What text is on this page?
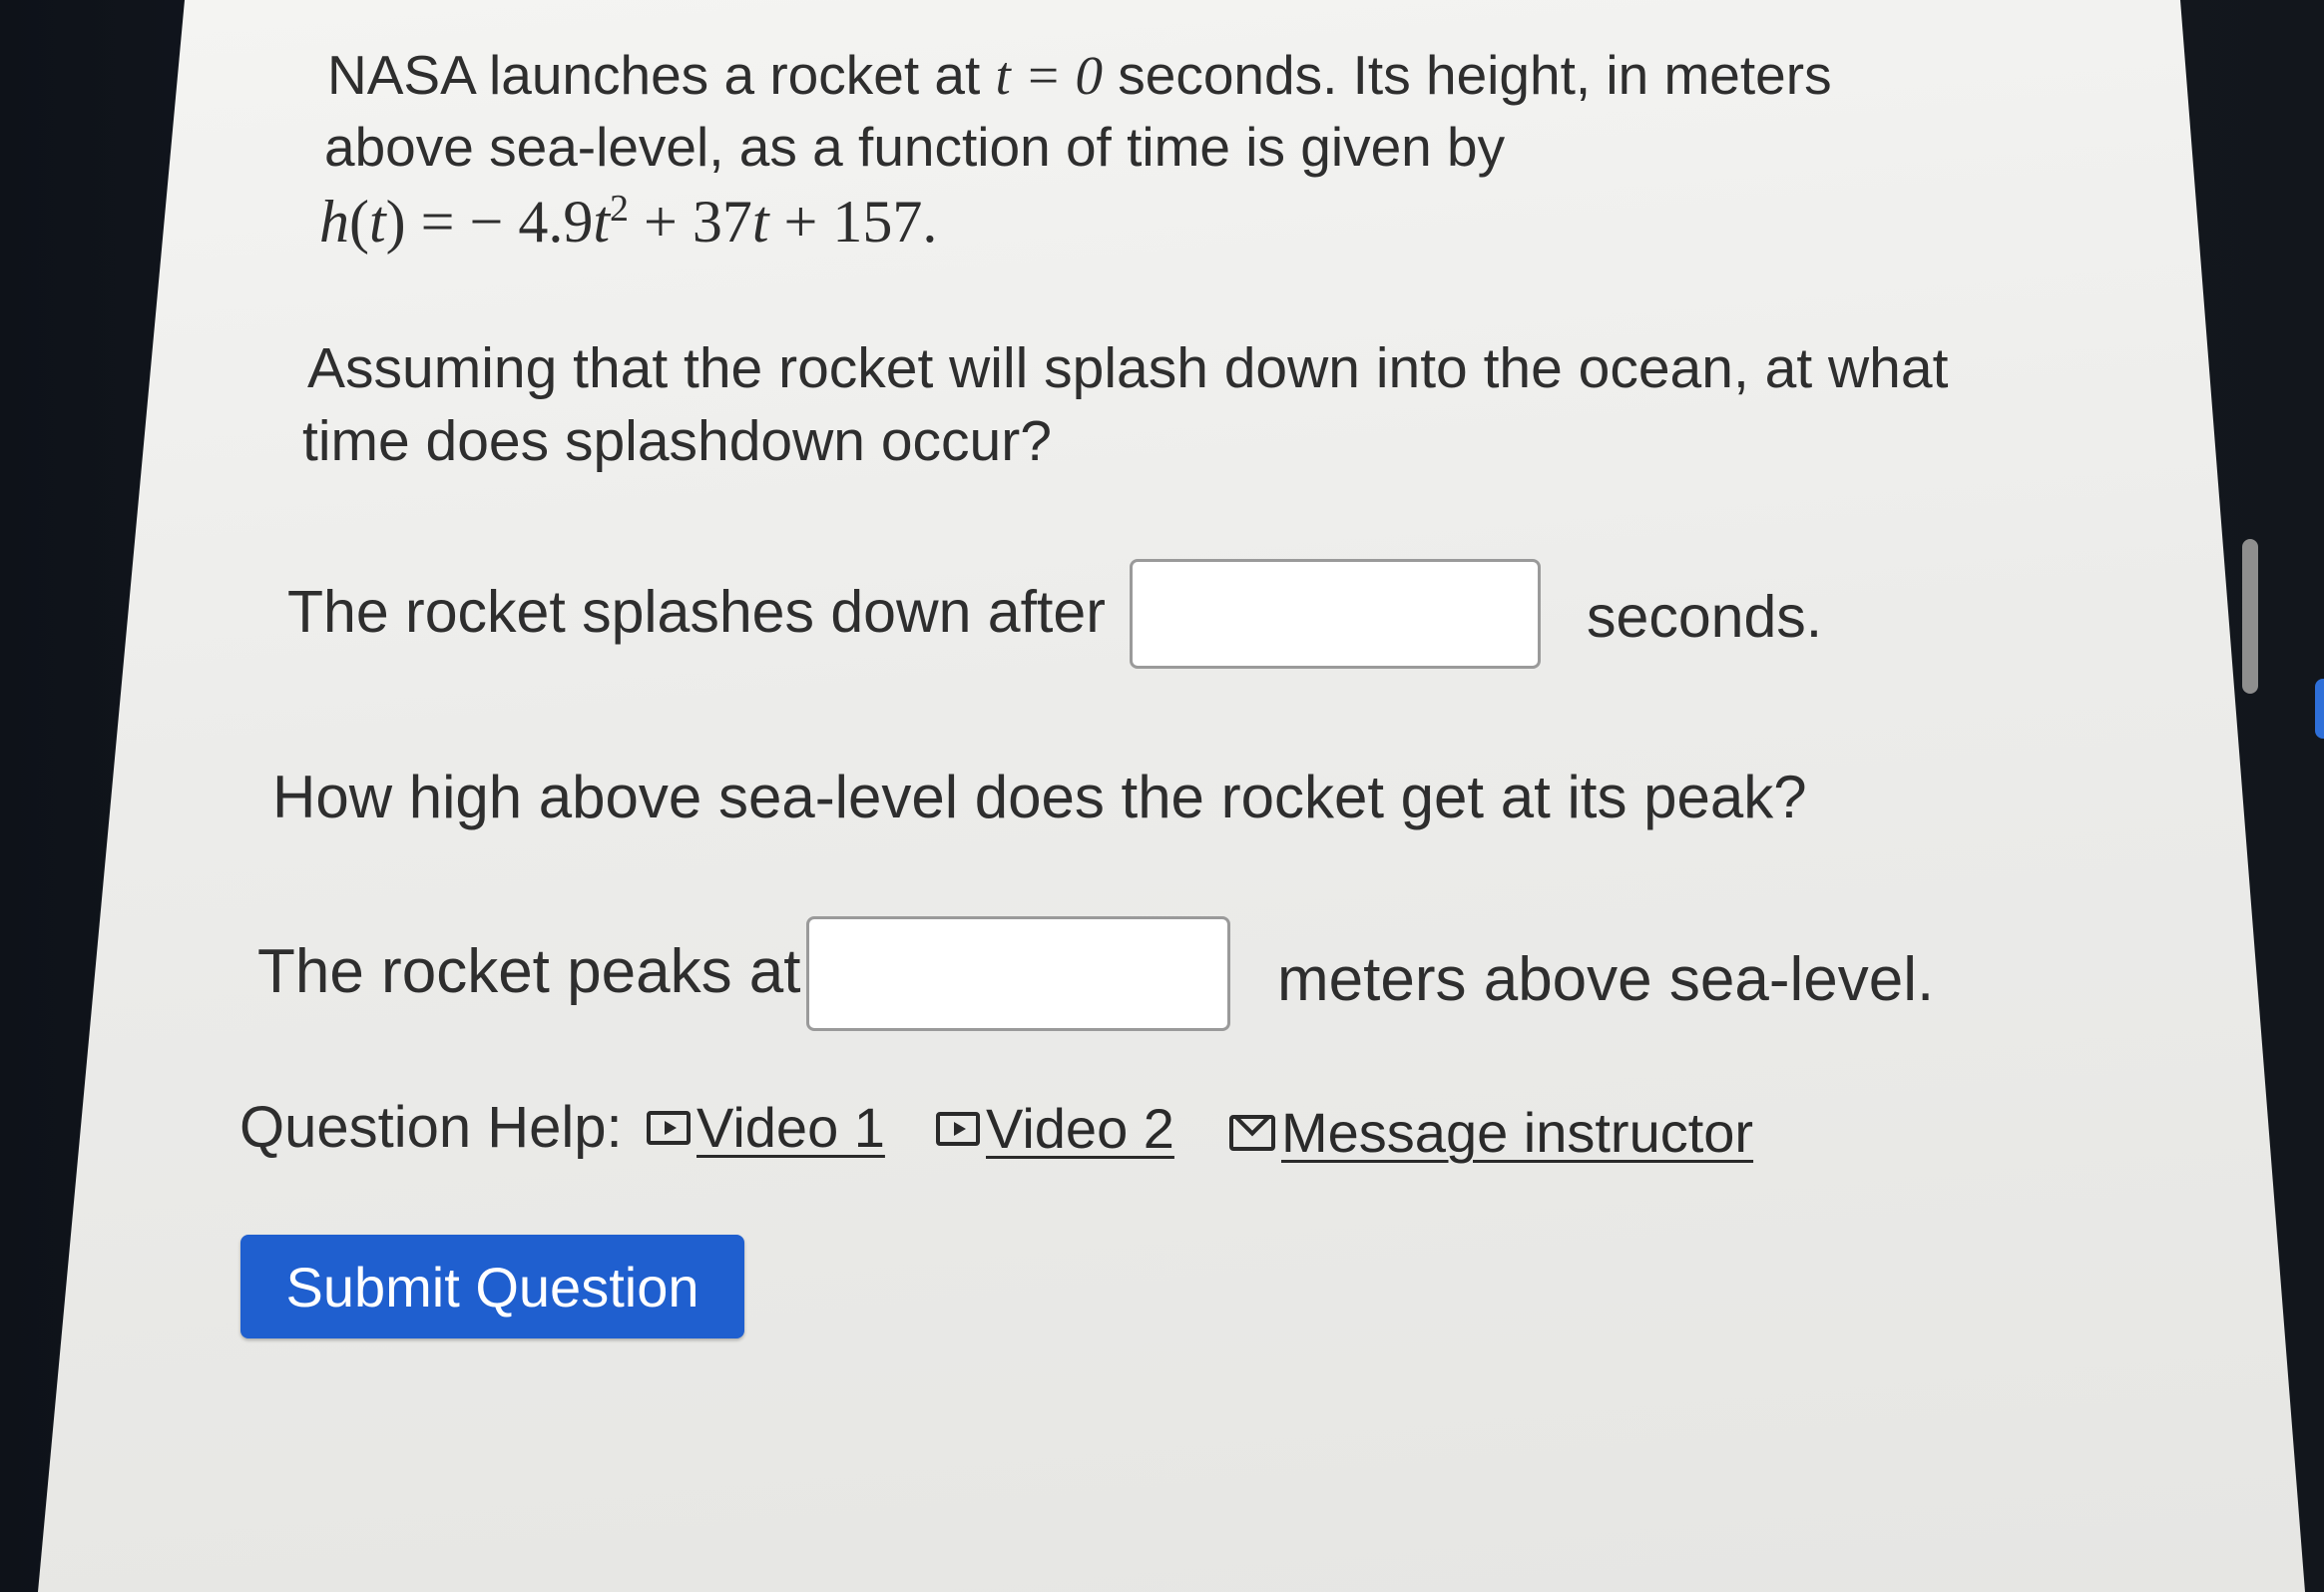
NASA launches a rocket at t = 0 seconds. Its height, in meters
above sea-level, as a function of time is given by
h(t) = − $4.9t^2 + 37t + 157$.
Assuming that the rocket will splash down into the ocean, at what
time does splashdown occur?
The rocket splashes down after	seconds.
How high above sea-level does the rocket get at its peak?
The rocket peaks at	meters above sea-level.
Question Help: Video 1 Video 2 Message instructor
Submit Question
